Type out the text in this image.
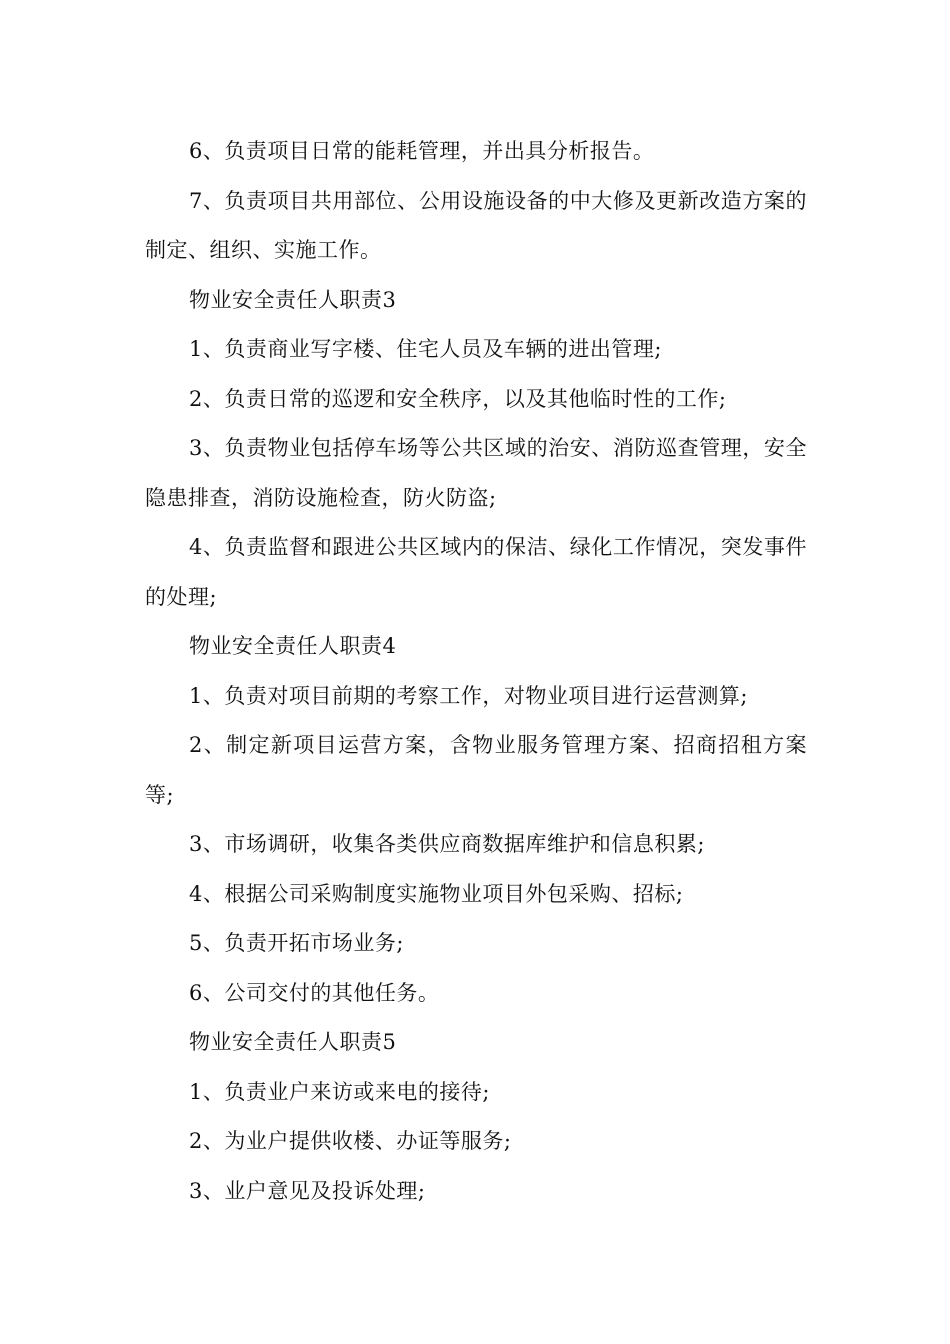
6、负责项目日常的能耗管理，并出具分析报告。

7、负责项目共用部位、公用设施设备的中大修及更新改造方案的制定、组织、实施工作。

物业安全责任人职责3

1、负责商业写字楼、住宅人员及车辆的进出管理;

2、负责日常的巡逻和安全秩序，以及其他临时性的工作;

3、负责物业包括停车场等公共区域的治安、消防巡查管理，安全隐患排查，消防设施检查，防火防盗;

4、负责监督和跟进公共区域内的保洁、绿化工作情况，突发事件的处理;

物业安全责任人职责4

1、负责对项目前期的考察工作，对物业项目进行运营测算;

2、制定新项目运营方案，含物业服务管理方案、招商招租方案等;

3、市场调研，收集各类供应商数据库维护和信息积累;

4、根据公司采购制度实施物业项目外包采购、招标;

5、负责开拓市场业务;

6、公司交付的其他任务。

物业安全责任人职责5

1、负责业户来访或来电的接待;

2、为业户提供收楼、办证等服务;

3、业户意见及投诉处理;
